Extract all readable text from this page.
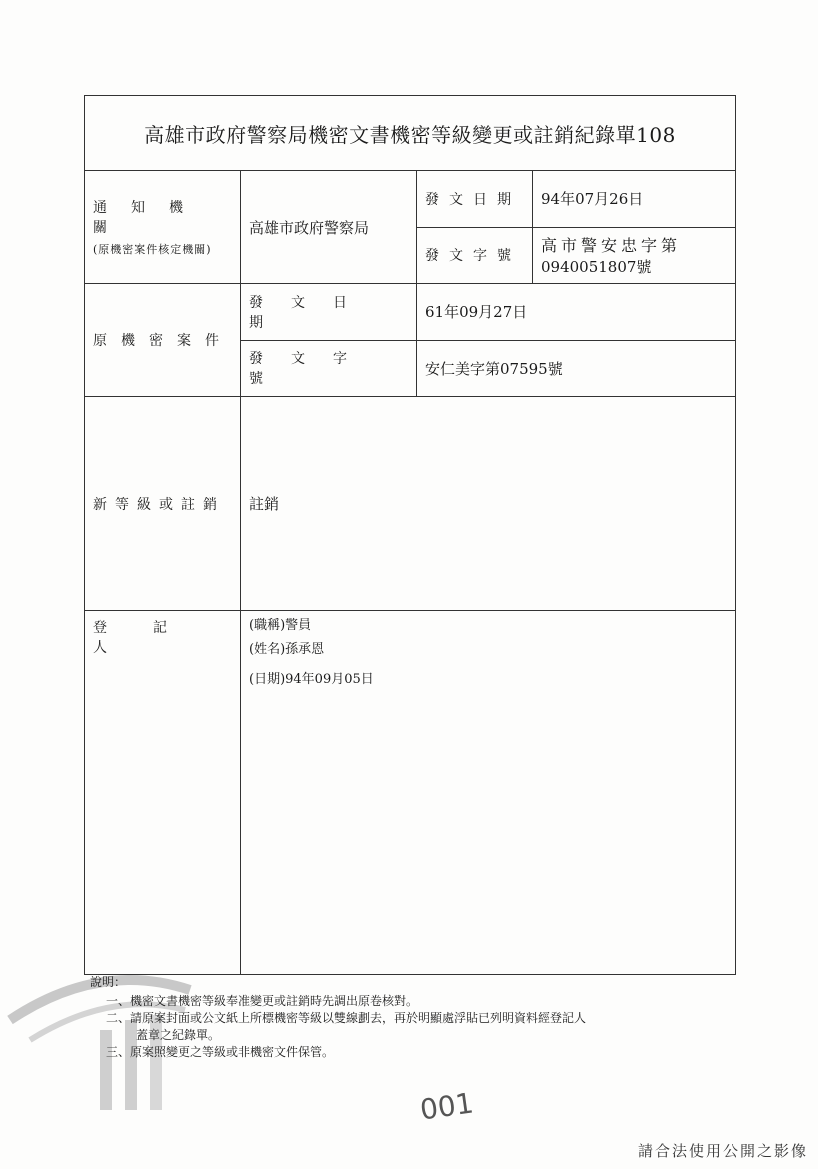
高雄市政府警察局機密文書機密等級變更或註銷紀錄單108
通知機關
(原機密案件核定機關)
高雄市政府警察局
發文日期	94年07月26日
發文字號
高市警安忠字第
0940051807號
原機密案件
發文日期
61年09月27日
發文字號
安仁美字第07595號
新等級或註銷	註銷
登記人
(職稱)警員
(姓名)孫承恩
(日期)94年09月05日
說明：
一、機密文書機密等級奉准變更或註銷時先調出原卷核對。
二、請原案封面或公文紙上所標機密等級以雙線劃去，再於明顯處浮貼已列明資料經登記人
蓋章之紀錄單。
三、原案照變更之等級或非機密文件保管。
001
請合法使用公開之影像
